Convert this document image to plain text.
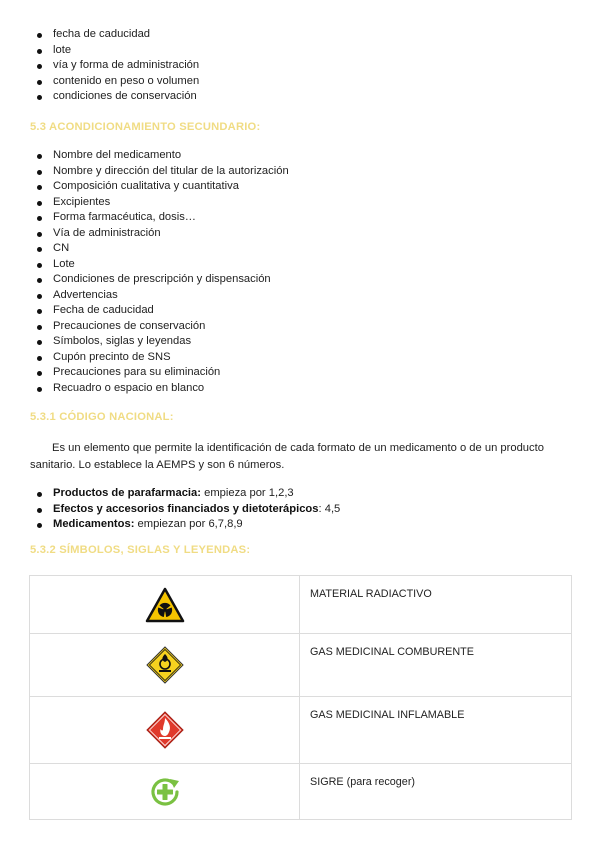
fecha de caducidad
lote
vía y forma de administración
contenido en peso o volumen
condiciones de conservación
5.3 ACONDICIONAMIENTO SECUNDARIO:
Nombre del medicamento
Nombre y dirección del titular de la autorización
Composición cualitativa y cuantitativa
Excipientes
Forma farmacéutica, dosis…
Vía de administración
CN
Lote
Condiciones de prescripción y dispensación
Advertencias
Fecha de caducidad
Precauciones de conservación
Símbolos, siglas y leyendas
Cupón precinto de SNS
Precauciones para su eliminación
Recuadro o espacio en blanco
5.3.1 CÓDIGO NACIONAL:
Es un elemento que permite la identificación de cada formato de un medicamento o de un producto sanitario. Lo establece la AEMPS y son 6 números.
Productos de parafarmacia: empieza por 1,2,3
Efectos y accesorios financiados y dietoterápicos: 4,5
Medicamentos: empiezan por 6,7,8,9
5.3.2 SÍMBOLOS, SIGLAS Y LEYENDAS:
	MATERIAL RADIACTIVO

	GAS MEDICINAL COMBURENTE

	GAS MEDICINAL INFLAMABLE

	SIGRE (para recoger)
